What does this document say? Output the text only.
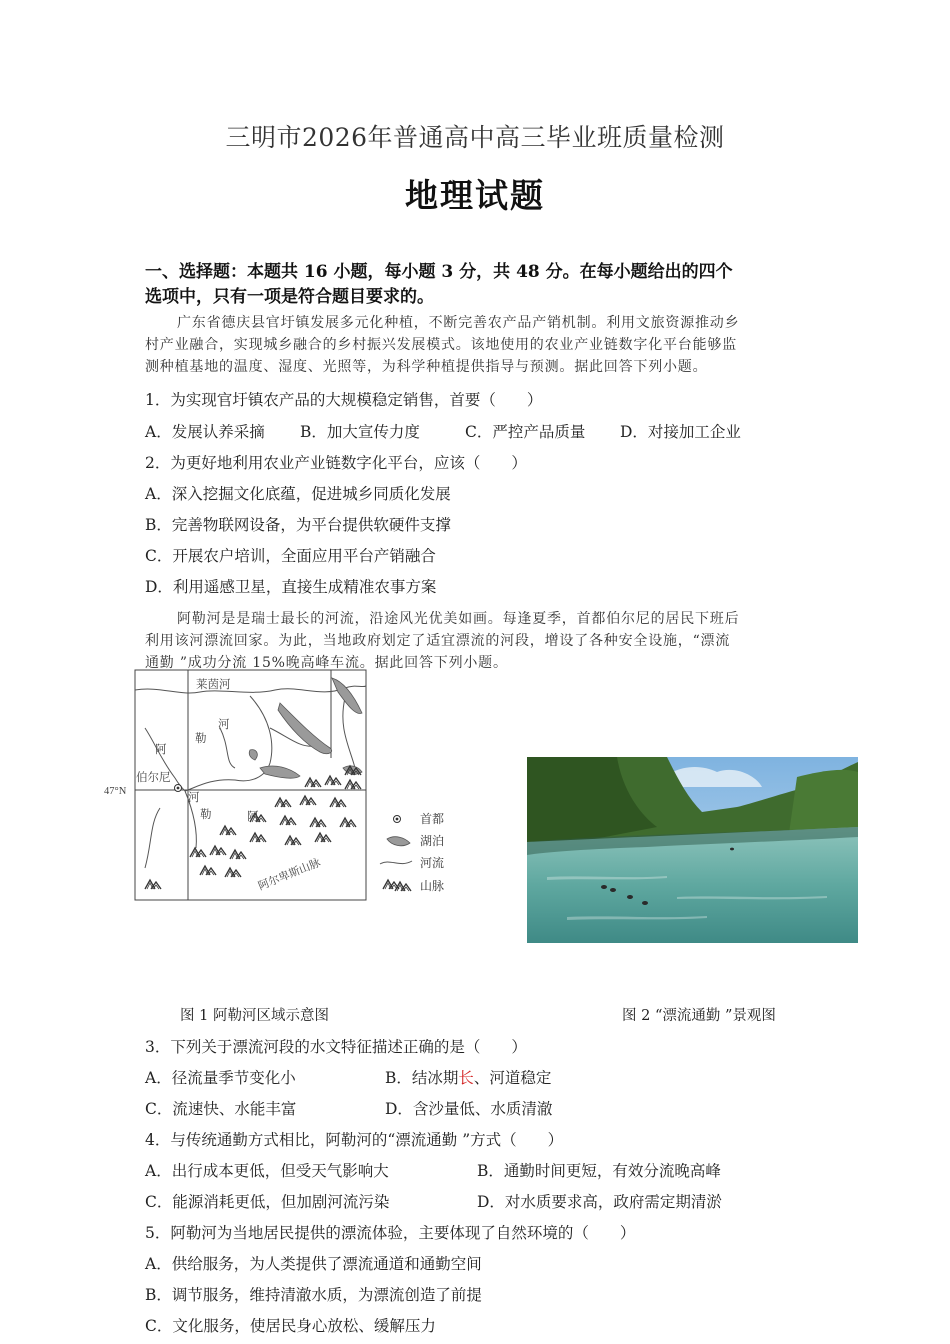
三明市2026年普通高中高三毕业班质量检测
地理试题
一、选择题：本题共 16 小题，每小题 3 分，共 48 分。在每小题给出的四个
选项中，只有一项是符合题目要求的。
广东省德庆县官圩镇发展多元化种植，不断完善农产品产销机制。利用文旅资源推动乡
村产业融合，实现城乡融合的乡村振兴发展模式。该地使用的农业产业链数字化平台能够监
测种植基地的温度、湿度、光照等，为科学种植提供指导与预测。据此回答下列小题。
1．为实现官圩镇农产品的大规模稳定销售，首要（　　）
A．发展认养采摘 B．加大宣传力度	C．严控产品质量 D．对接加工企业
2．为更好地利用农业产业链数字化平台，应该（　　）
A．深入挖掘文化底蕴，促进城乡同质化发展
B．完善物联网设备，为平台提供软硬件支撑
C．开展农户培训，全面应用平台产销融合
D．利用遥感卫星，直接生成精准农事方案
阿勒河是是瑞士最长的河流，沿途风光优美如画。每逢夏季，首都伯尔尼的居民下班后
利用该河漂流回家。为此，当地政府划定了适宜漂流的河段，增设了各种安全设施，“漂流
通勤 ”成功分流 15%晚高峰车流。据此回答下列小题。
莱茵河
河
阿
勒
伯尔尼
47°N
河
勒	阿
阿尔卑斯山脉
首都
湖泊
河流
山脉
图 1 阿勒河区域示意图	图 2 “漂流通勤 ”景观图
3．下列关于漂流河段的水文特征描述正确的是（　　）
A．径流量季节变化小	B．结冰期长、河道稳定
C．流速快、水能丰富	D．含沙量低、水质清澈
4．与传统通勤方式相比，阿勒河的“漂流通勤 ”方式（　　）
A．出行成本更低，但受天气影响大	B．通勤时间更短，有效分流晚高峰
C．能源消耗更低，但加剧河流污染	D．对水质要求高，政府需定期清淤
5．阿勒河为当地居民提供的漂流体验，主要体现了自然环境的（　　）
A．供给服务，为人类提供了漂流通道和通勤空间
B．调节服务，维持清澈水质，为漂流创造了前提
C．文化服务，使居民身心放松、缓解压力
